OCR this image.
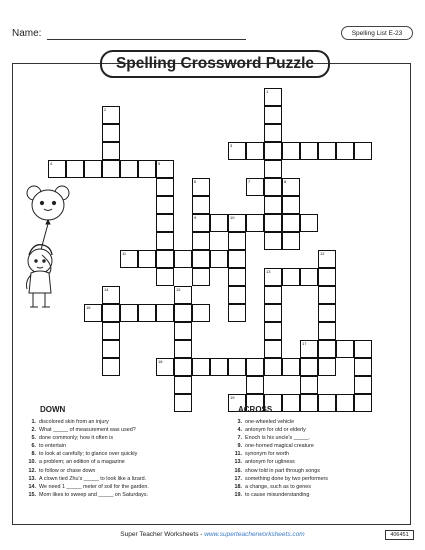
Name:	Spelling List E-23
Spelling Crossword Puzzle
1
2
3
4	5
6
9
7	8
10
11	12
13
14	15
16
17
18
19
DOWN
1. discolored skin from an injury
2. What _____ of measurement was used?
5. done commonly; how it often is
6. to entertain
8. to look at carefully; to glance over quickly
10. a problem; an edition of a magazine
12. to follow or chase down
13. A clown tied Zhu's _____ to look like a lizard.
14. We need 1 _____ meter of soil for the garden.
15. Mom likes to sweep and _____ on Saturdays.
ACROSS
3. one-wheeled vehicle
4. antonym for old or elderly
7. Enoch is his uncle's _____.
9. one-horned magical creature
11. synonym for worth
13. antonym for ugliness
16. show told in part through songs
17. something done by two performers
18. a change, such as to genes
19. to cause misunderstanding
Super Teacher Worksheets - www.superteacherworksheets.com	406451
